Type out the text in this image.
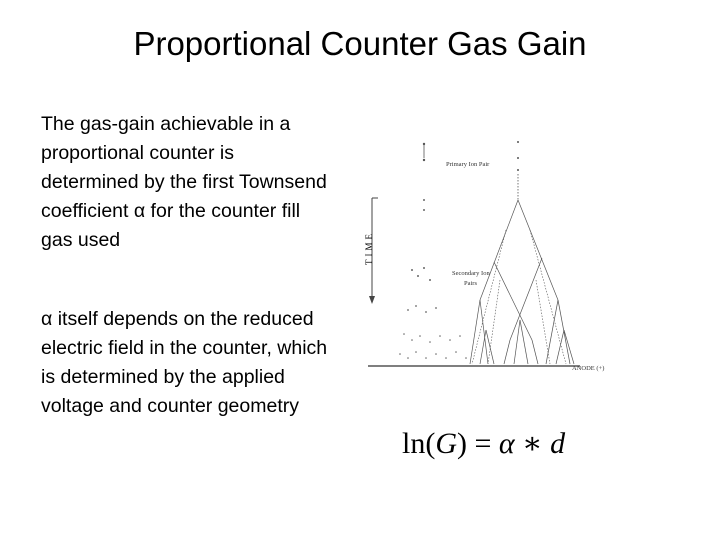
Proportional Counter Gas Gain
The gas-gain achievable in a proportional counter is determined by the first Townsend coefficient α for the counter fill gas used
α itself depends on the reduced electric field in the counter, which is determined by the applied voltage and counter geometry
TIME
Primary Ion Pair
Secondary Ion
Pairs
ANODE (+)
ln(G) = α ∗ d
